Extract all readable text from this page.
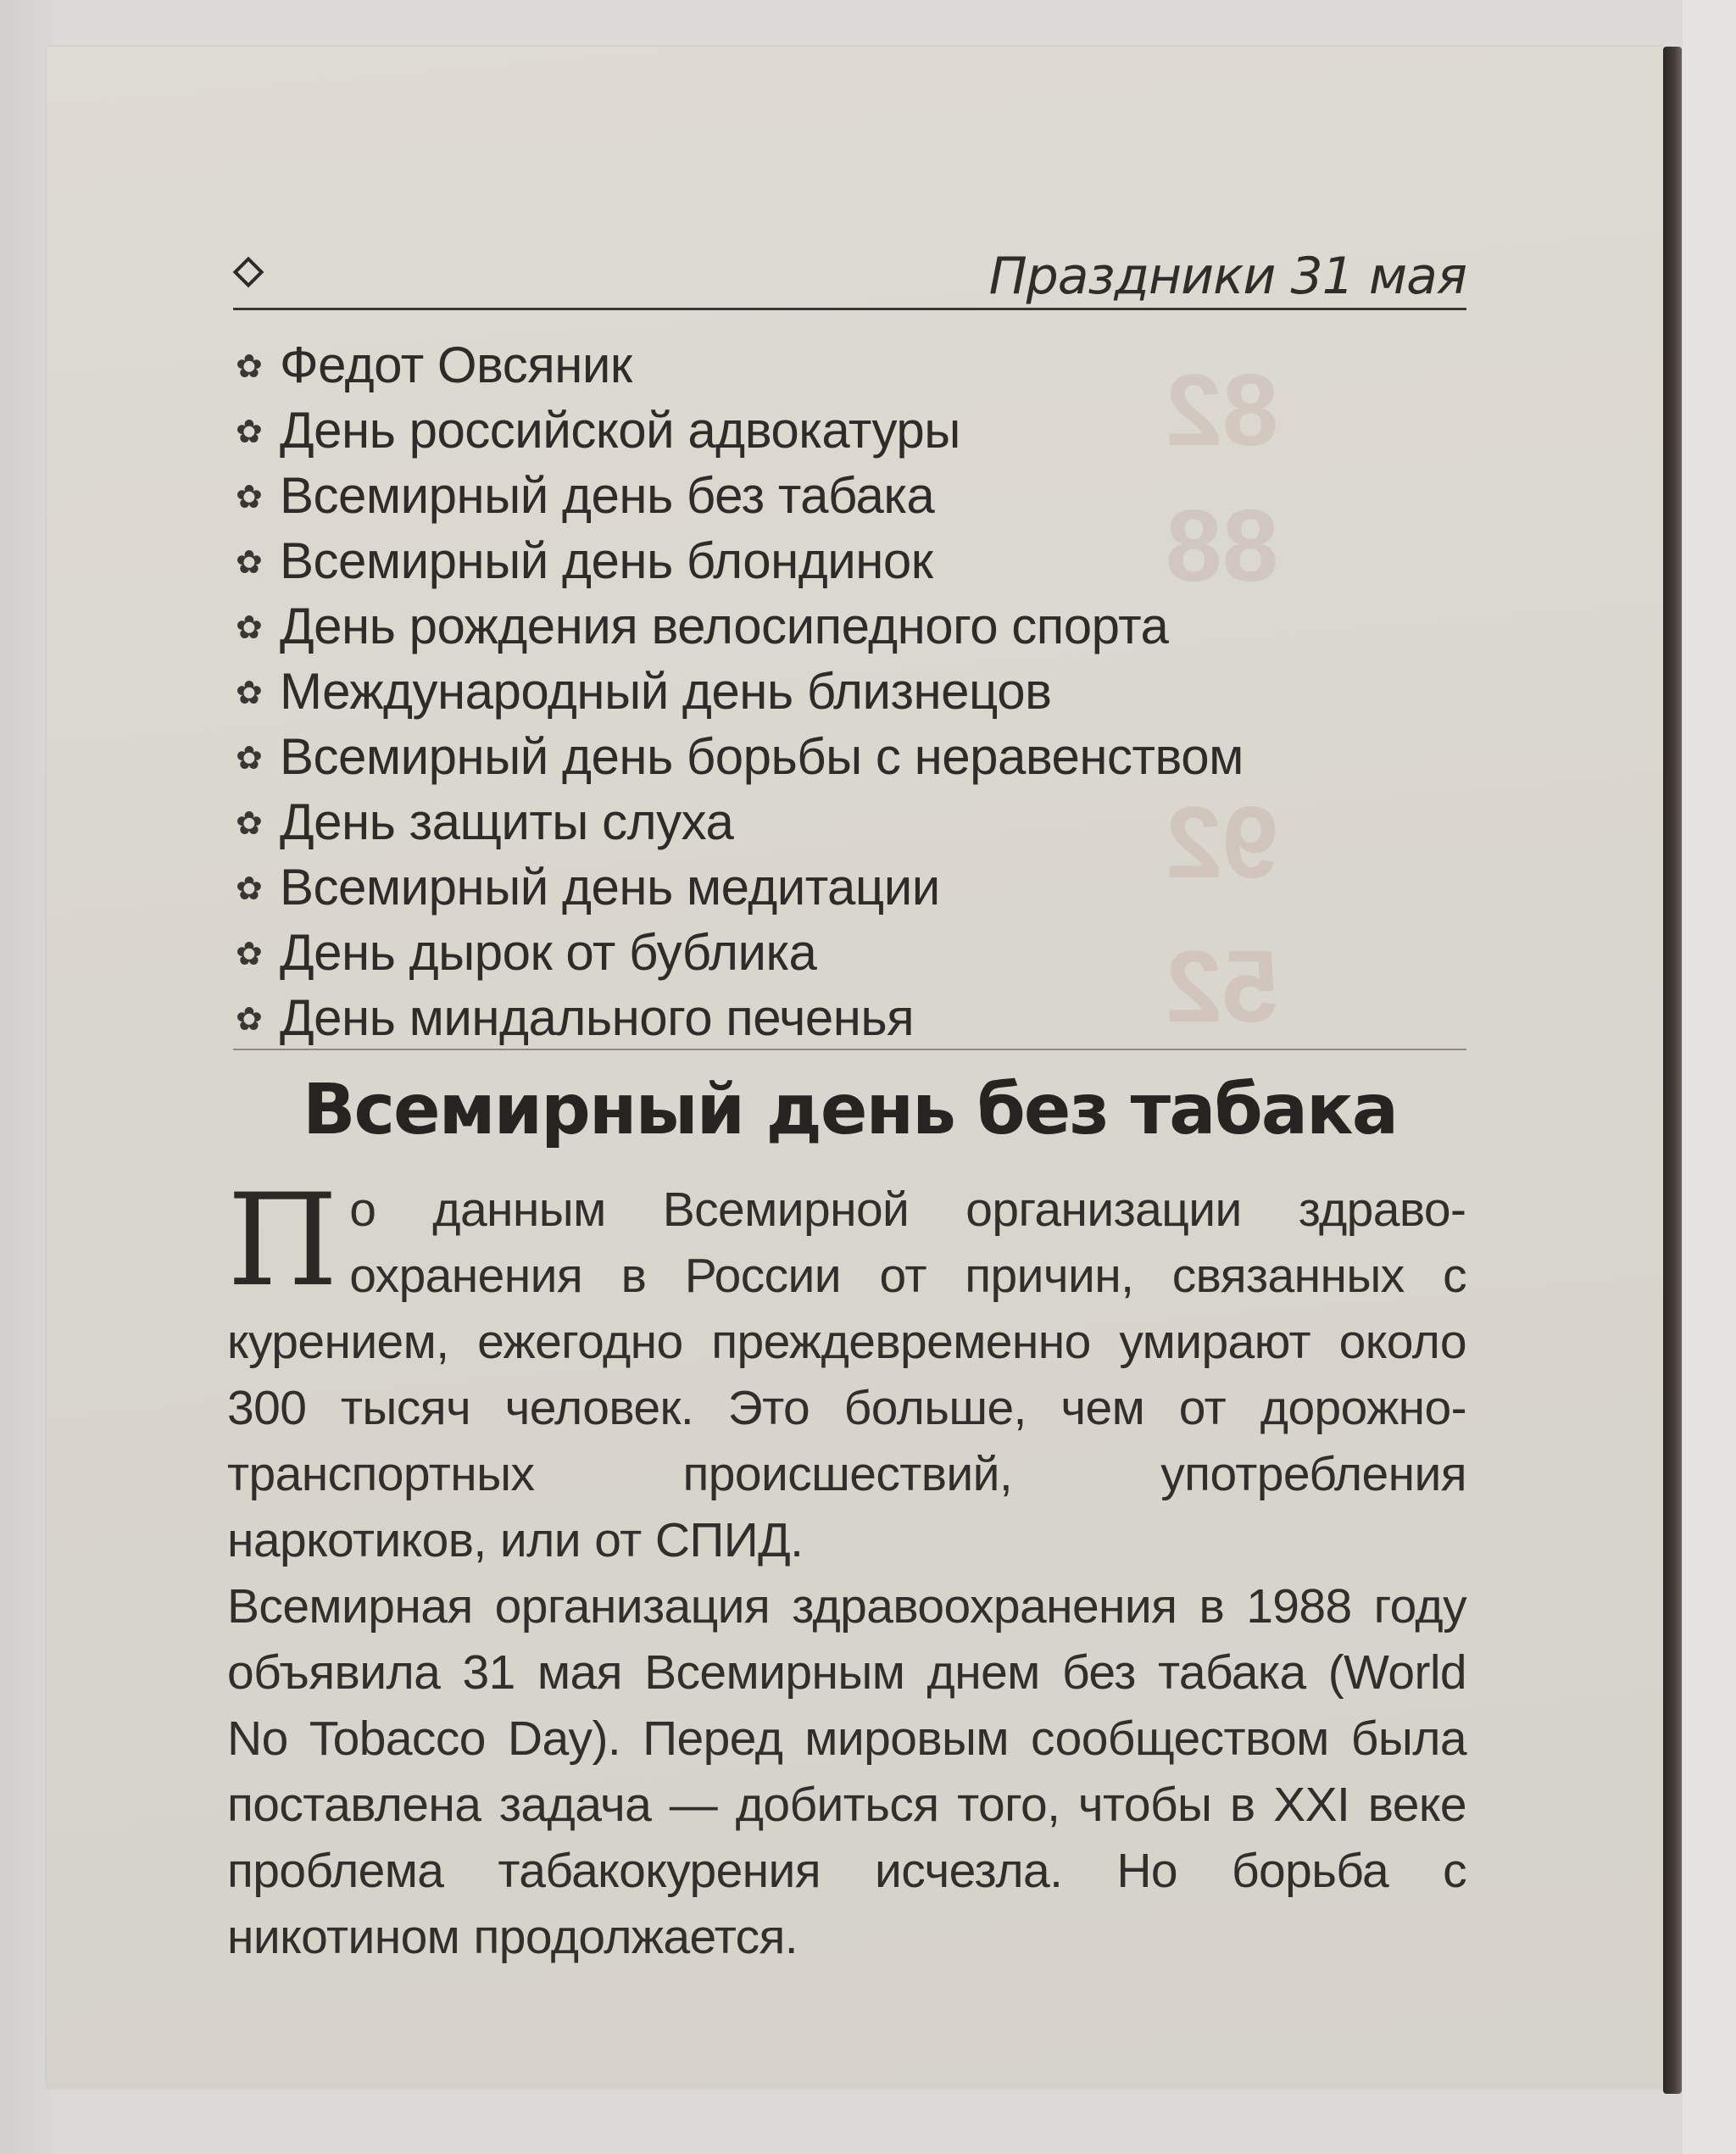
82
88
92
52
Праздники 31 мая
✿ Федот Овсяник
✿ День российской адвокатуры
✿ Всемирный день без табака
✿ Всемирный день блондинок
✿ День рождения велосипедного спорта
✿ Международный день близнецов
✿ Всемирный день борьбы с неравенством
✿ День защиты слуха
✿ Всемирный день медитации
✿ День дырок от бублика
✿ День миндального печенья
Всемирный день без табака

По данным Всемирной организации здравоохранения в России от причин, связанных с курением, ежегодно преждевременно умирают около 300 тысяч человек. Это больше, чем от дорожно-транспортных происшествий, употребления наркотиков, или от СПИД.

Всемирная организация здравоохранения в 1988 году объявила 31 мая Всемирным днем без табака (World No Tobacco Day). Перед мировым сообществом была поставлена задача — добиться того, чтобы в XXI веке проблема табакокурения исчезла. Но борьба с никотином продолжается.
